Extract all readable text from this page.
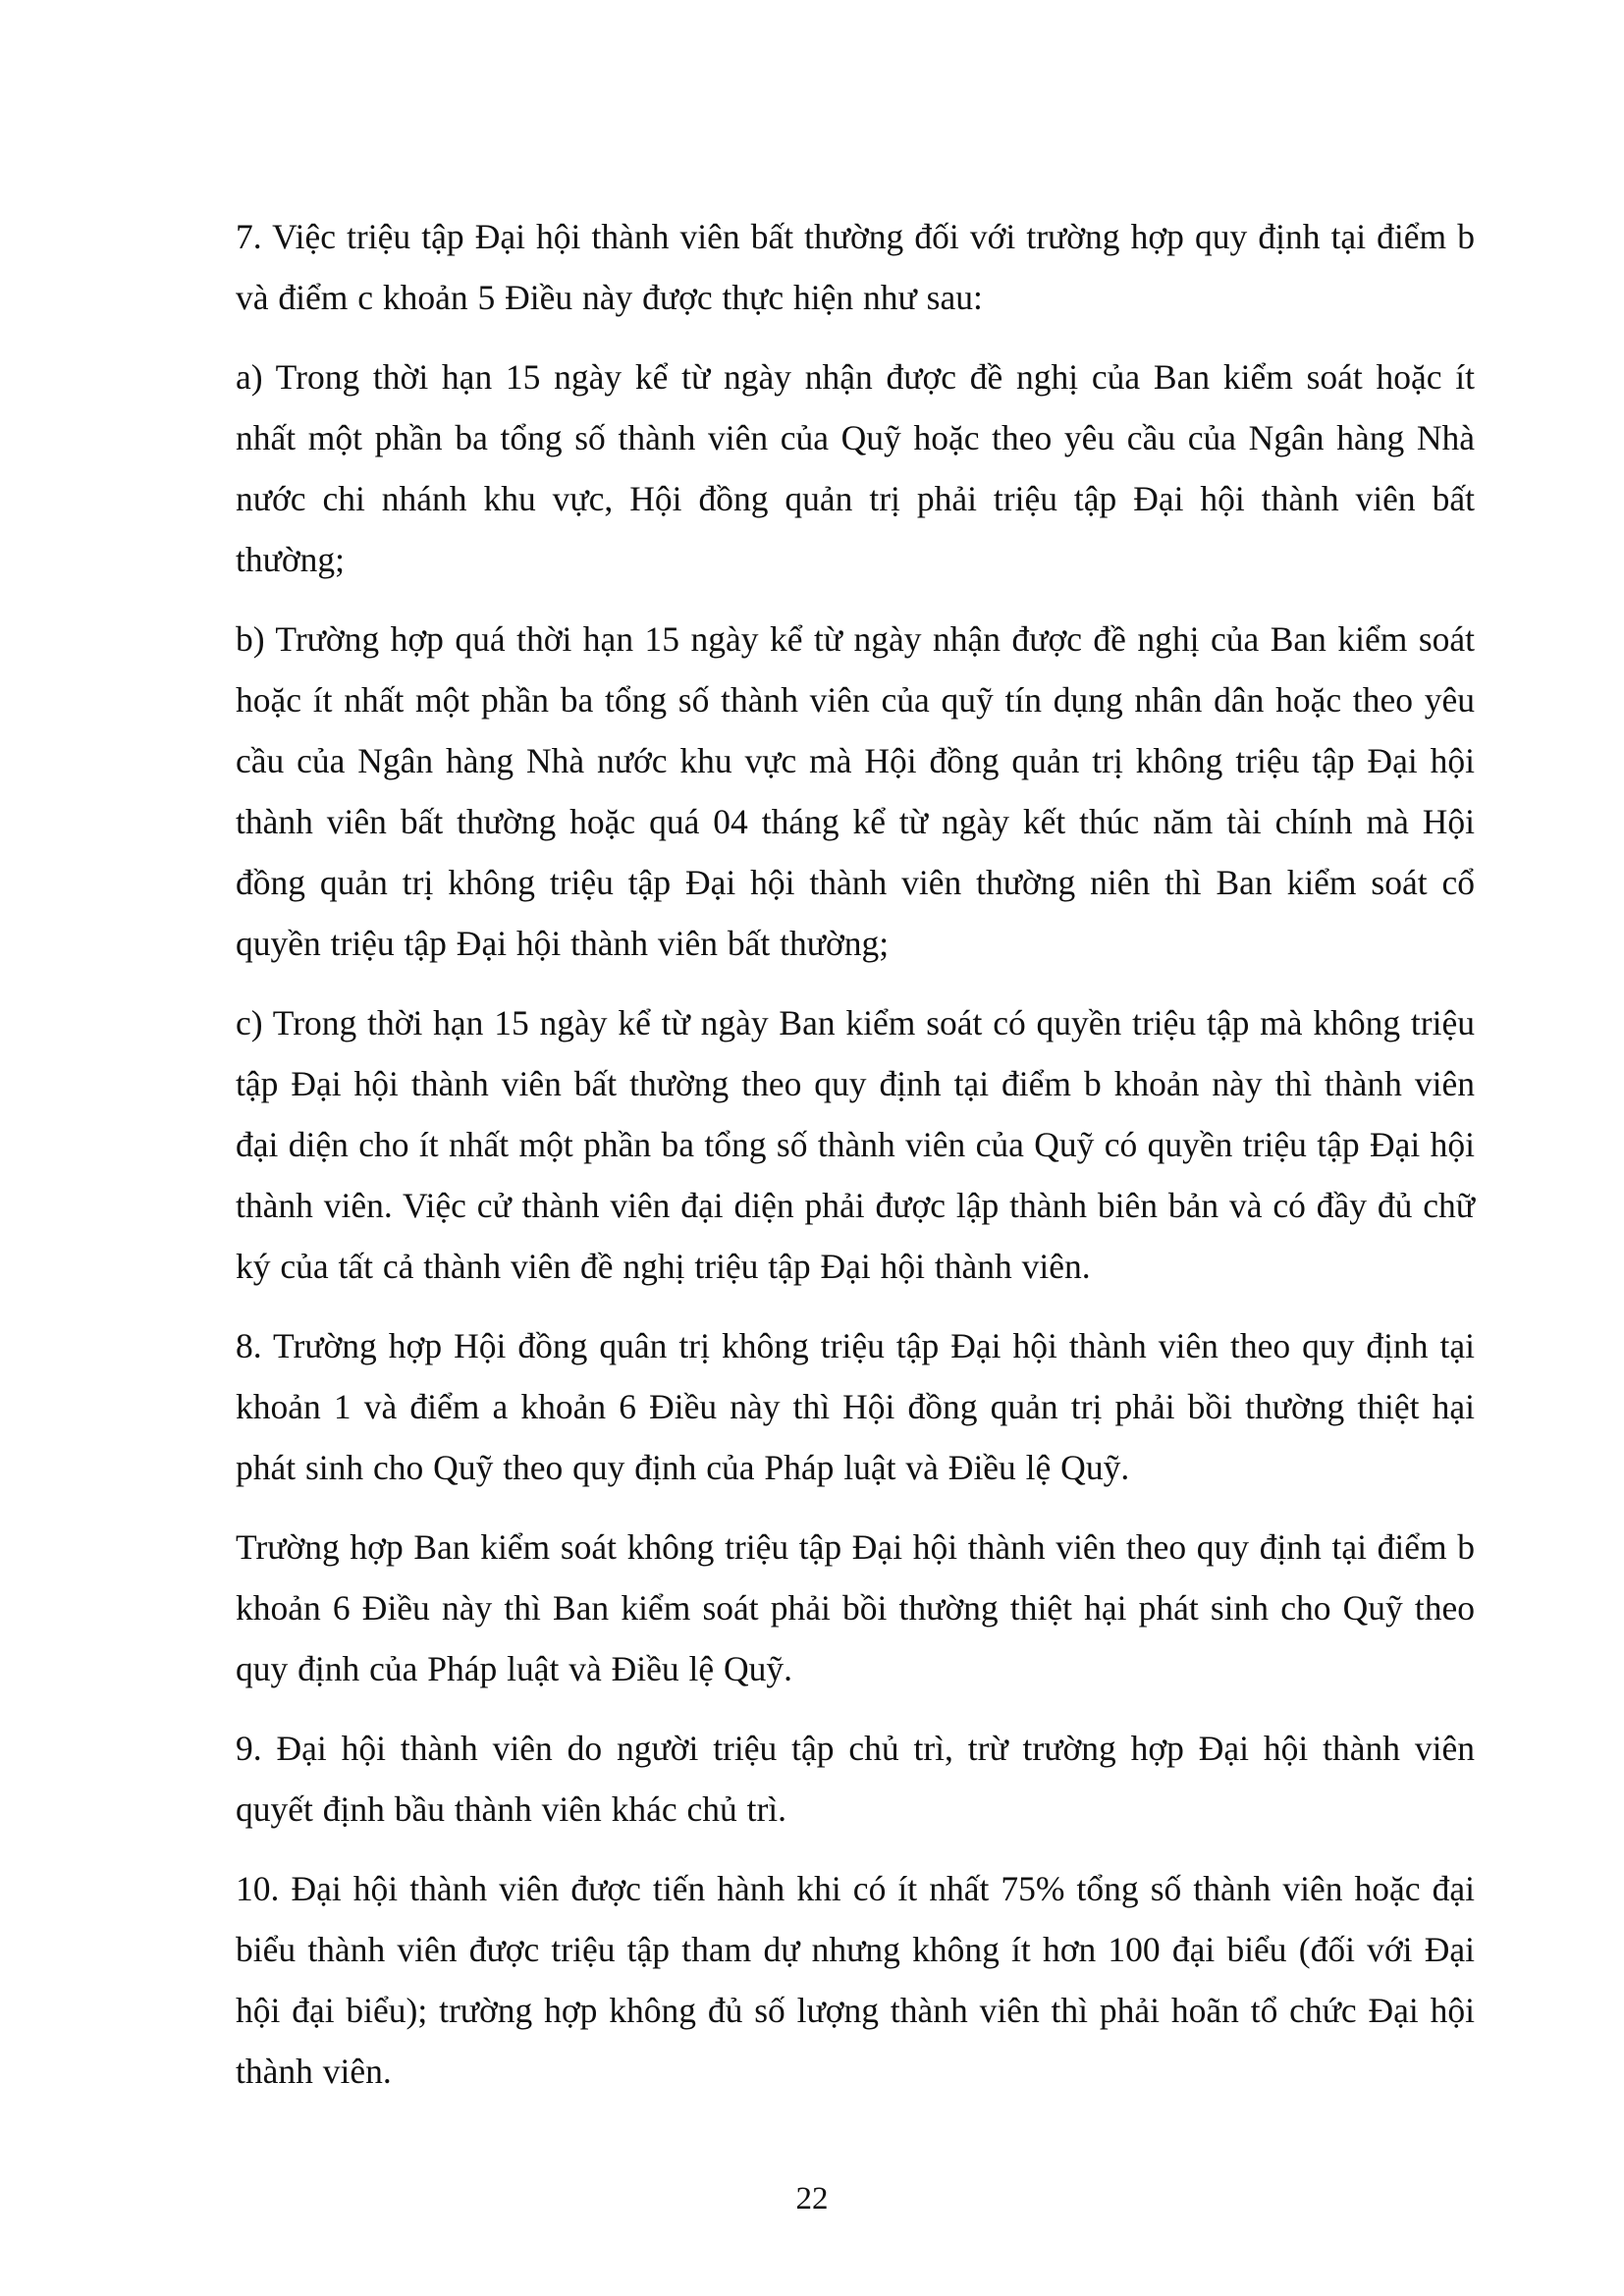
7. Việc triệu tập Đại hội thành viên bất thường đối với trường hợp quy định tại điểm b và điểm c khoản 5 Điều này được thực hiện như sau:

a) Trong thời hạn 15 ngày kể từ ngày nhận được đề nghị của Ban kiểm soát hoặc ít nhất một phần ba tổng số thành viên của Quỹ hoặc theo yêu cầu của Ngân hàng Nhà nước chi nhánh khu vực, Hội đồng quản trị phải triệu tập Đại hội thành viên bất thường;

b) Trường hợp quá thời hạn 15 ngày kể từ ngày nhận được đề nghị của Ban kiểm soát hoặc ít nhất một phần ba tổng số thành viên của quỹ tín dụng nhân dân hoặc theo yêu cầu của Ngân hàng Nhà nước khu vực mà Hội đồng quản trị không triệu tập Đại hội thành viên bất thường hoặc quá 04 tháng kể từ ngày kết thúc năm tài chính mà Hội đồng quản trị không triệu tập Đại hội thành viên thường niên thì Ban kiểm soát cổ quyền triệu tập Đại hội thành viên bất thường;

c) Trong thời hạn 15 ngày kể từ ngày Ban kiểm soát có quyền triệu tập mà không triệu tập Đại hội thành viên bất thường theo quy định tại điểm b khoản này thì thành viên đại diện cho ít nhất một phần ba tổng số thành viên của Quỹ có quyền triệu tập Đại hội thành viên. Việc cử thành viên đại diện phải được lập thành biên bản và có đầy đủ chữ ký của tất cả thành viên đề nghị triệu tập Đại hội thành viên.

8. Trường hợp Hội đồng quân trị không triệu tập Đại hội thành viên theo quy định tại khoản 1 và điểm a khoản 6 Điều này thì Hội đồng quản trị phải bồi thường thiệt hại phát sinh cho Quỹ theo quy định của Pháp luật và Điều lệ Quỹ.

Trường hợp Ban kiểm soát không triệu tập Đại hội thành viên theo quy định tại điểm b khoản 6 Điều này thì Ban kiểm soát phải bồi thường thiệt hại phát sinh cho Quỹ theo quy định của Pháp luật và Điều lệ Quỹ.

9. Đại hội thành viên do người triệu tập chủ trì, trừ trường hợp Đại hội thành viên quyết định bầu thành viên khác chủ trì.

10. Đại hội thành viên được tiến hành khi có ít nhất 75% tổng số thành viên hoặc đại biểu thành viên được triệu tập tham dự nhưng không ít hơn 100 đại biểu (đối với Đại hội đại biểu); trường hợp không đủ số lượng thành viên thì phải hoãn tổ chức Đại hội thành viên.

22
